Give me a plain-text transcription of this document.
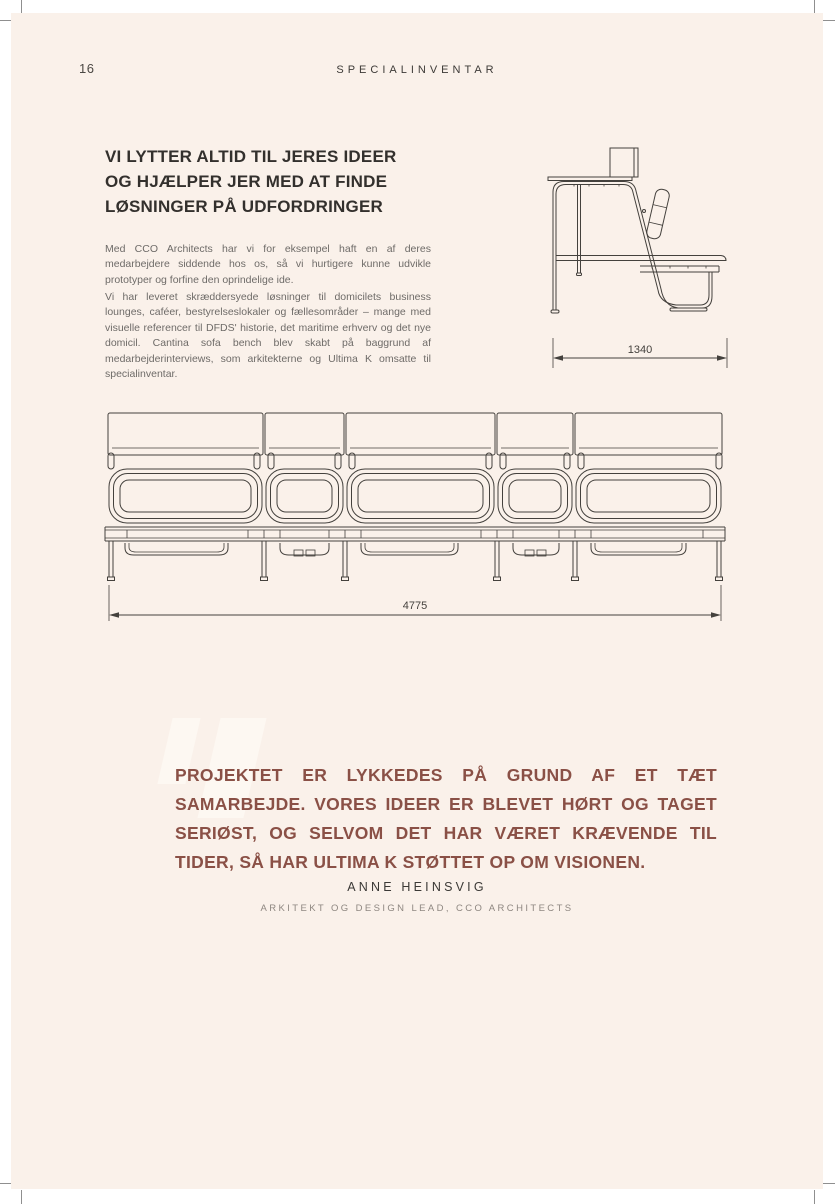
16	SPECIALINVENTAR
VI LYTTER ALTID TIL JERES IDEER
OG HJÆLPER JER MED AT FINDE
LØSNINGER PÅ UDFORDRINGER

Med CCO Architects har vi for eksempel haft en af deres medarbejdere siddende hos os, så vi hurtigere kunne udvikle prototyper og forfine den oprindelige ide.

Vi har leveret skræddersyede løsninger til domicilets business lounges, caféer, bestyrelseslokaler og fællesområder – mange med visuelle referencer til DFDS' historie, det maritime erhverv og det nye domicil. Cantina sofa bench blev skabt på baggrund af medarbejderinterviews, som arkitekterne og Ultima K omsatte til specialinventar.

1340
4775

PROJEKTET ER LYKKEDES PÅ GRUND AF ET TÆT SAMARBEJDE. VORES IDEER ER BLEVET HØRT OG TAGET SERIØST, OG SELVOM DET HAR VÆRET KRÆVENDE TIL TIDER, SÅ HAR ULTIMA K STØTTET OP OM VISIONEN.

ANNE HEINSVIG
ARKITEKT OG DESIGN LEAD, CCO ARCHITECTS
